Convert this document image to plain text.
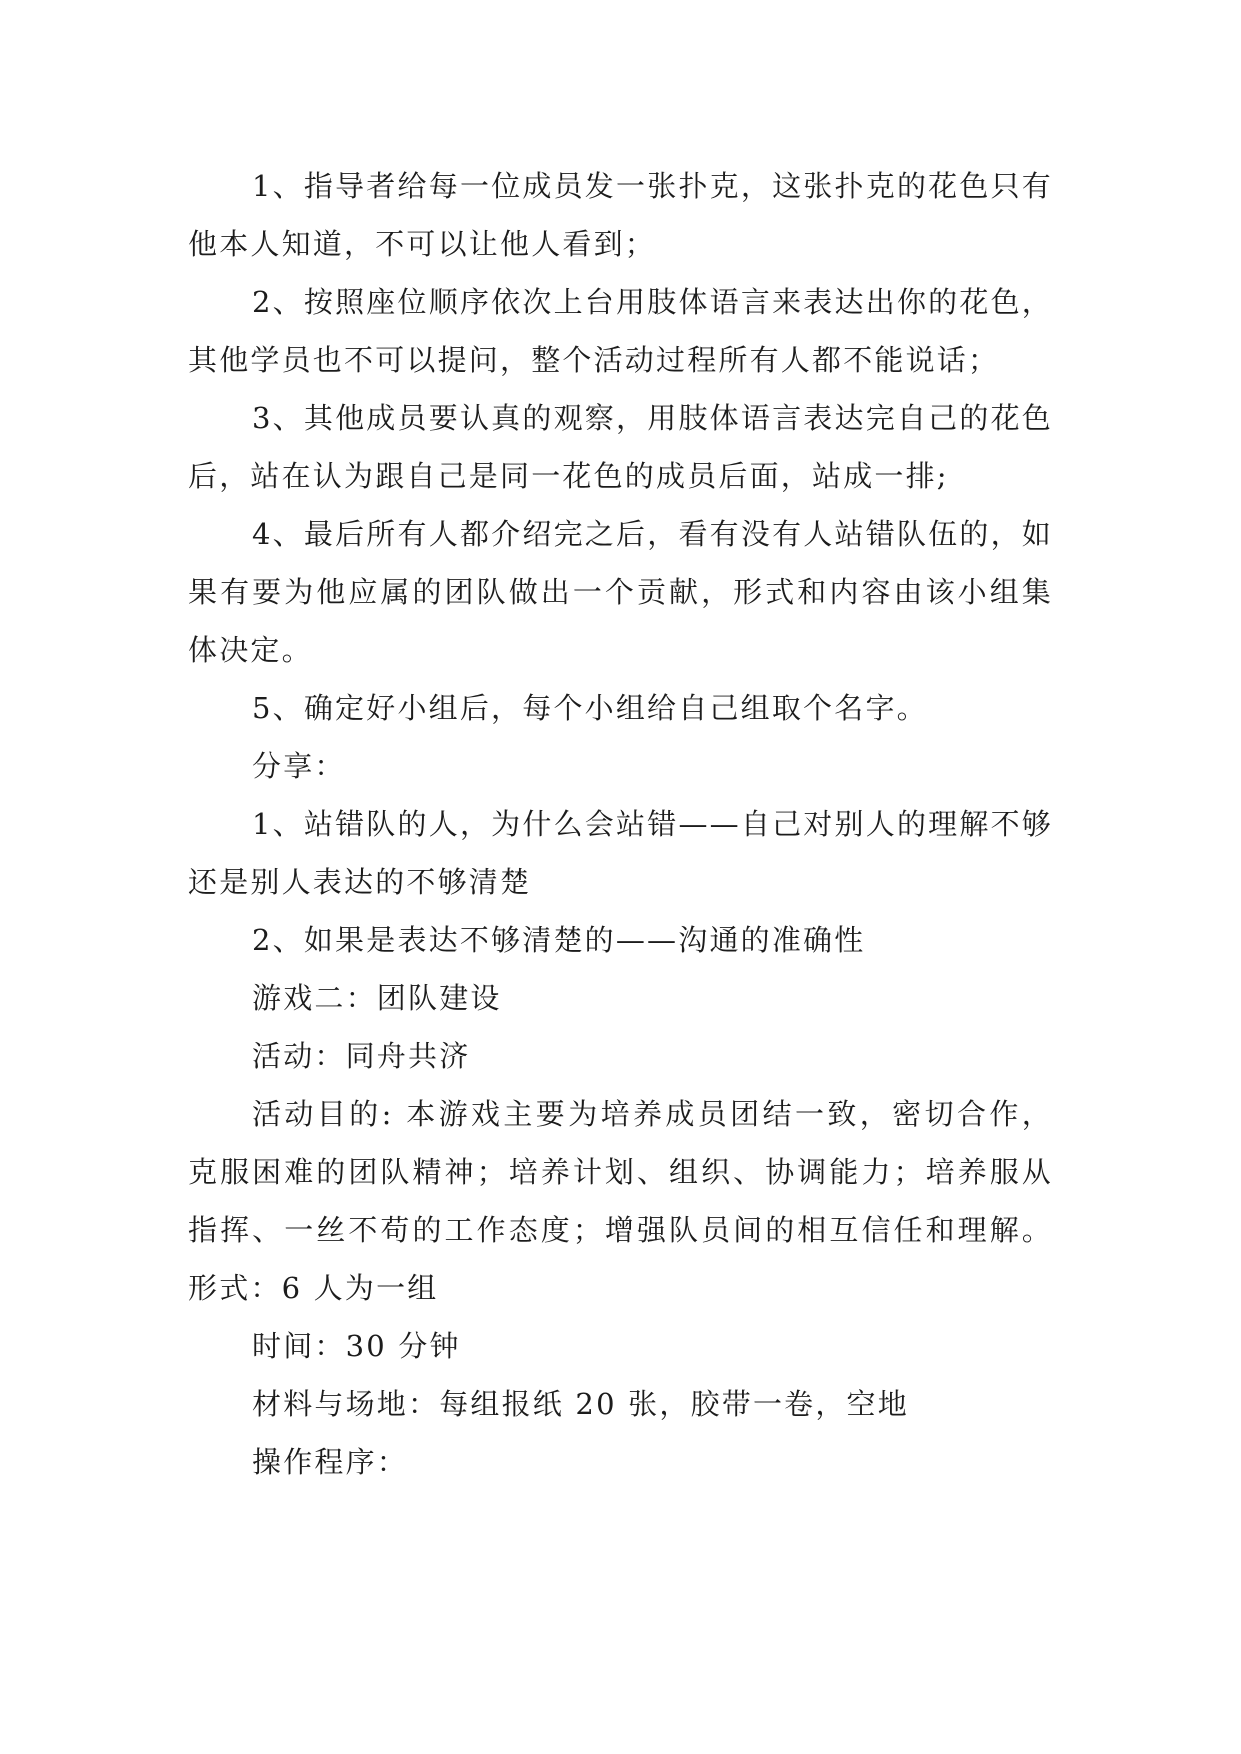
1、指导者给每一位成员发一张扑克，这张扑克的花色只有他本人知道，不可以让他人看到；

2、按照座位顺序依次上台用肢体语言来表达出你的花色，其他学员也不可以提问，整个活动过程所有人都不能说话；

3、其他成员要认真的观察，用肢体语言表达完自己的花色后，站在认为跟自己是同一花色的成员后面，站成一排;

4、最后所有人都介绍完之后，看有没有人站错队伍的，如果有要为他应属的团队做出一个贡献，形式和内容由该小组集体决定。

5、确定好小组后，每个小组给自己组取个名字。

分享：

1、站错队的人，为什么会站错——自己对别人的理解不够还是别人表达的不够清楚

2、如果是表达不够清楚的——沟通的准确性

游戏二：团队建设

活动：同舟共济

活动目的: 本游戏主要为培养成员团结一致，密切合作，克服困难的团队精神；培养计划、组织、协调能力；培养服从指挥、一丝不苟的工作态度；增强队员间的相互信任和理解。形式：6 人为一组

时间：30 分钟

材料与场地：每组报纸 20 张，胶带一卷，空地

操作程序：
